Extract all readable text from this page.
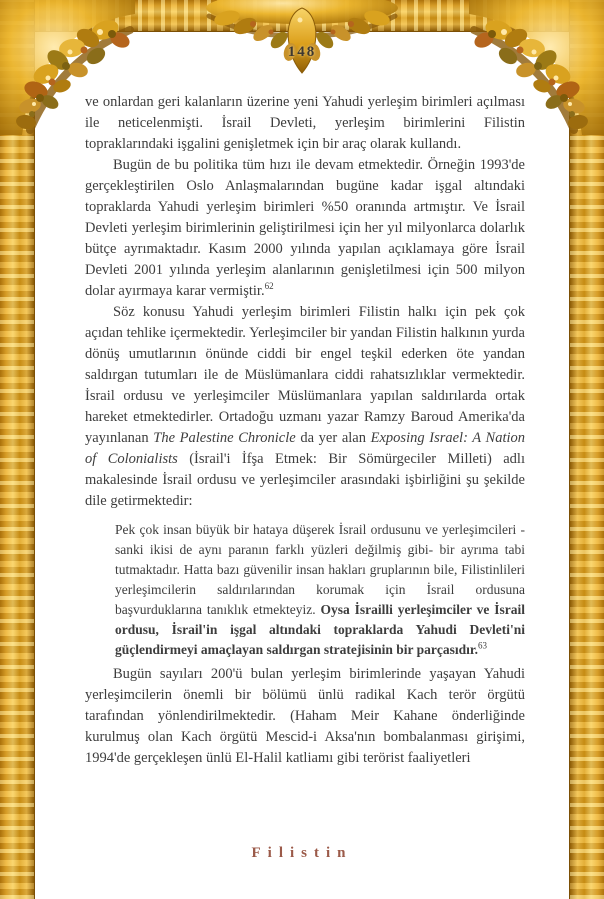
148

ve onlardan geri kalanların üzerine yeni Yahudi yerleşim birimleri açılması ile neticelenmişti. İsrail Devleti, yerleşim birimlerini Filistin topraklarındaki işgalini genişletmek için bir araç olarak kullandı.

Bugün de bu politika tüm hızı ile devam etmektedir. Örneğin 1993'de gerçekleştirilen Oslo Anlaşmalarından bugüne kadar işgal altındaki topraklarda Yahudi yerleşim birimleri %50 oranında artmıştır. Ve İsrail Devleti yerleşim birimlerinin geliştirilmesi için her yıl milyonlarca dolarlık bütçe ayrımaktadır. Kasım 2000 yılında yapılan açıklamaya göre İsrail Devleti 2001 yılında yerleşim alanlarının genişletilmesi için 500 milyon dolar ayırmaya karar vermiştir.$^{62}$

Söz konusu Yahudi yerleşim birimleri Filistin halkı için pek çok açıdan tehlike içermektedir. Yerleşimciler bir yandan Filistin halkının yurda dönüş umutlarının önünde ciddi bir engel teşkil ederken öte yandan saldırgan tutumları ile de Müslümanlara ciddi rahatsızlıklar vermektedir. İsrail ordusu ve yerleşimciler Müslümanlara yapılan saldırılarda ortak hareket etmektedirler. Ortadoğu uzmanı yazar Ramzy Baroud Amerika'da yayınlanan The Palestine Chronicle da yer alan Exposing Israel: A Nation of Colonialists (İsrail'i İfşa Etmek: Bir Sömürgeciler Milleti) adlı makalesinde İsrail ordusu ve yerleşimciler arasındaki işbirliğini şu şekilde dile getirmektedir:

Pek çok insan büyük bir hataya düşerek İsrail ordusunu ve yerleşimcileri -sanki ikisi de aynı paranın farklı yüzleri değilmiş gibi- bir ayrıma tabi tutmaktadır. Hatta bazı güvenilir insan hakları gruplarının bile, Filistinlileri yerleşimcilerin saldırılarından korumak için İsrail ordusuna başvurduklarına tanıklık etmekteyiz. Oysa İsrailli yerleşimciler ve İsrail ordusu, İsrail'in işgal altındaki topraklarda Yahudi Devleti'ni güçlendirmeyi amaçlayan saldırgan stratejisinin bir parçasıdır.$^{63}$

Bugün sayıları 200'ü bulan yerleşim birimlerinde yaşayan Yahudi yerleşimcilerin önemli bir bölümü ünlü radikal Kach terör örgütü tarafından yönlendirilmektedir. (Haham Meir Kahane önderliğinde kurulmuş olan Kach örgütü Mescid-i Aksa'nın bombalanması girişimi, 1994'de gerçekleşen ünlü El-Halil katliamı gibi terörist faaliyetleri

Filistin
